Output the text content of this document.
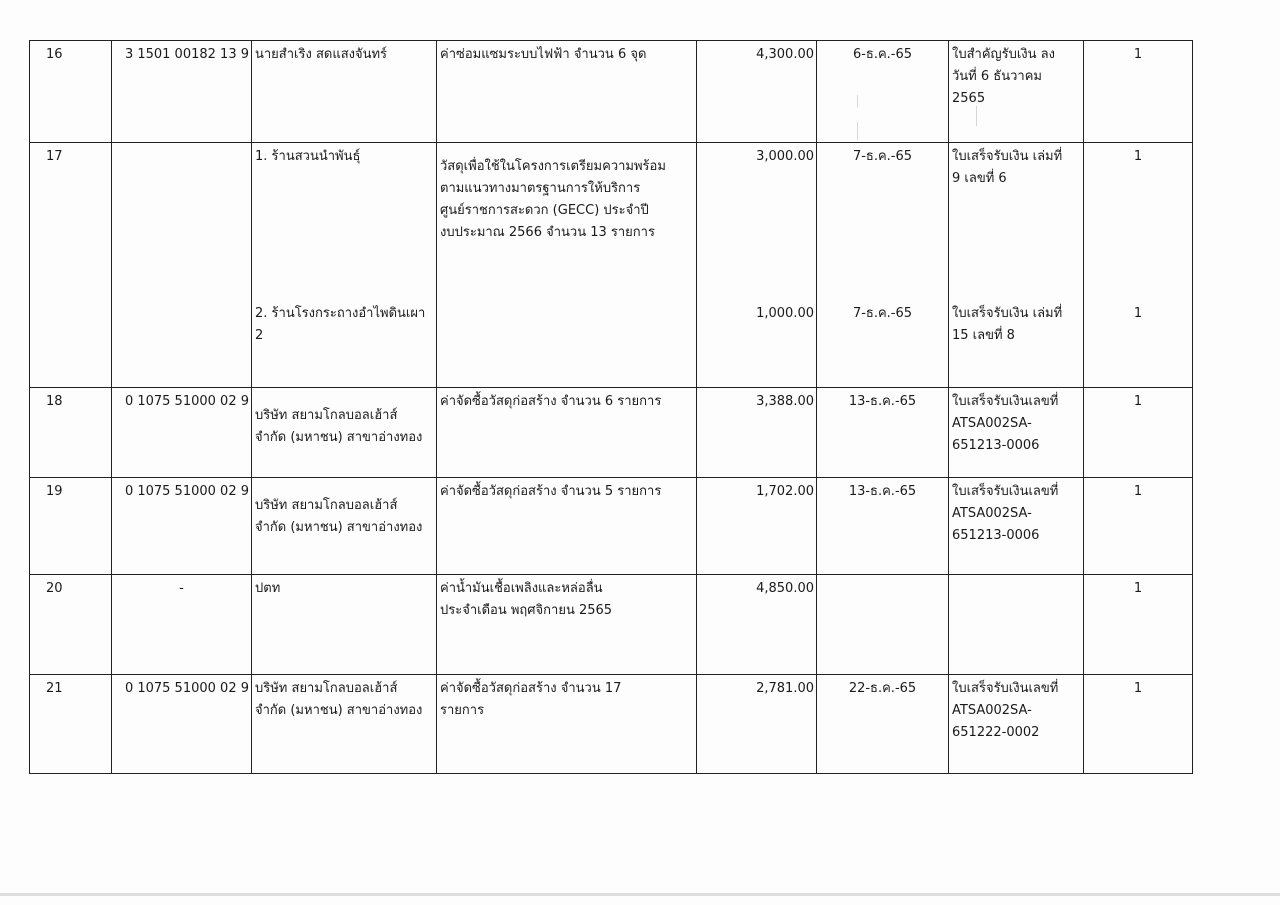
16	3 1501 00182 13 9	นายสำเริง สดแสงจันทร์	ค่าซ่อมแซมระบบไฟฟ้า จำนวน 6 จุด	4,300.00	6-ธ.ค.-65	ใบสำคัญรับเงิน ลง
วันที่ 6 ธันวาคม
2565	1
17		1. ร้านสวนนำพันธุ์	วัสดุเพื่อใช้ในโครงการเตรียมความพร้อม
ตามแนวทางมาตรฐานการให้บริการ
ศูนย์ราชการสะดวก (GECC) ประจำปี
งบประมาณ 2566 จำนวน 13 รายการ	3,000.00	7-ธ.ค.-65	ใบเสร็จรับเงิน เล่มที่
9 เลขที่ 6	1

		2. ร้านโรงกระถางอำไพดินเผา
2		1,000.00	7-ธ.ค.-65	ใบเสร็จรับเงิน เล่มที่
15 เลขที่ 8	1
18	0 1075 51000 02 9	บริษัท สยามโกลบอลเฮ้าส์
จำกัด (มหาชน) สาขาอ่างทอง	ค่าจัดซื้อวัสดุก่อสร้าง จำนวน 6 รายการ	3,388.00	13-ธ.ค.-65	ใบเสร็จรับเงินเลขที่
ATSA002SA-
651213-0006	1
19	0 1075 51000 02 9	บริษัท สยามโกลบอลเฮ้าส์
จำกัด (มหาชน) สาขาอ่างทอง	ค่าจัดซื้อวัสดุก่อสร้าง จำนวน 5 รายการ	1,702.00	13-ธ.ค.-65	ใบเสร็จรับเงินเลขที่
ATSA002SA-
651213-0006	1
20	-	ปตท	ค่าน้ำมันเชื้อเพลิงและหล่อลื่น
ประจำเดือน พฤศจิกายน 2565	4,850.00			1
21	0 1075 51000 02 9	บริษัท สยามโกลบอลเฮ้าส์
จำกัด (มหาชน) สาขาอ่างทอง	ค่าจัดซื้อวัสดุก่อสร้าง จำนวน 17
รายการ	2,781.00	22-ธ.ค.-65	ใบเสร็จรับเงินเลขที่
ATSA002SA-
651222-0002	1
